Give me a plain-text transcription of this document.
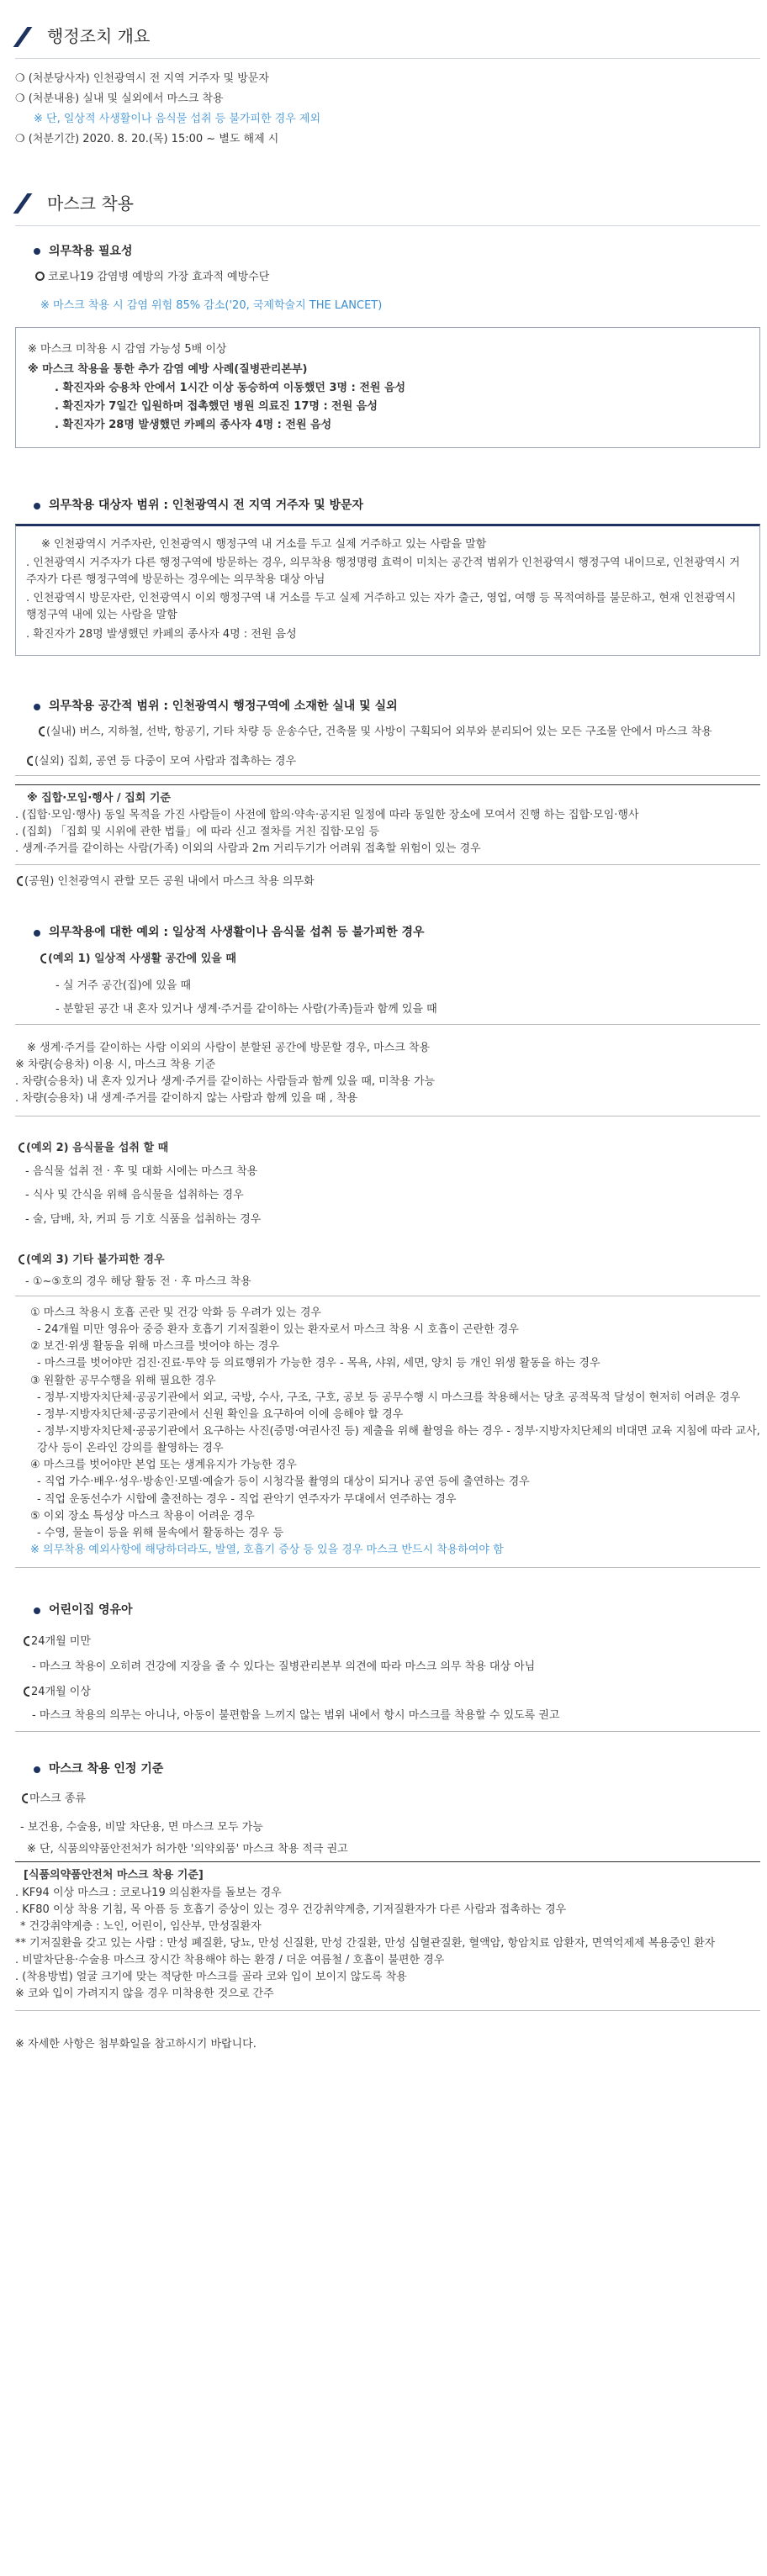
행정조치 개요

❍ (처분당사자) 인천광역시 전 지역 거주자 및 방문자

❍ (처분내용) 실내 및 실외에서 마스크 착용

※ 단, 일상적 사생활이나 음식물 섭취 등 불가피한 경우 제외

❍ (처분기간) 2020. 8. 20.(목) 15:00 ~ 별도 해제 시

마스크 착용
의무착용 필요성

코로나19 감염병 예방의 가장 효과적 예방수단

※ 마스크 착용 시 감염 위험 85% 감소('20, 국제학술지 THE LANCET)

※ 마스크 미착용 시 감염 가능성 5배 이상

※ 마스크 착용을 통한 추가 감염 예방 사례(질병관리본부)

. 확진자와 승용차 안에서 1시간 이상 동승하여 이동했던 3명 : 전원 음성

. 확진자가 7일간 입원하며 접촉했던 병원 의료진 17명 : 전원 음성

. 확진자가 28명 발생했던 카페의 종사자 4명 : 전원 음성

의무착용 대상자 범위 : 인천광역시 전 지역 거주자 및 방문자

※ 인천광역시 거주자란, 인천광역시 행정구역 내 거소를 두고 실제 거주하고 있는 사람을 말함

. 인천광역시 거주자가 다른 행정구역에 방문하는 경우, 의무착용 행정명령 효력이 미치는 공간적 범위가 인천광역시 행정구역 내이므로, 인천광역시 거주자가 다른 행정구역에 방문하는 경우에는 의무착용 대상 아님

. 인천광역시 방문자란, 인천광역시 이외 행정구역 내 거소를 두고 실제 거주하고 있는 자가 출근, 영업, 여행 등 목적여하를 불문하고, 현재 인천광역시 행정구역 내에 있는 사람을 말함

. 확진자가 28명 발생했던 카페의 종사자 4명 : 전원 음성

의무착용 공간적 범위 : 인천광역시 행정구역에 소재한 실내 및 실외

(실내) 버스, 지하철, 선박, 항공기, 기타 차량 등 운송수단, 건축물 및 사방이 구획되어 외부와 분리되어 있는 모든 구조물 안에서 마스크 착용

(실외) 집회, 공연 등 다중이 모여 사람과 접촉하는 경우

※ 집합·모임·행사 / 집회 기준

. (집합·모임·행사) 동일 목적을 가진 사람들이 사전에 합의·약속·공지된 일정에 따라 동일한 장소에 모여서 진행 하는 집합·모임·행사

. (집회) 「집회 및 시위에 관한 법률」에 따라 신고 절차를 거친 집합·모임 등

. 생계·주거를 같이하는 사람(가족) 이외의 사람과 2m 거리두기가 어려워 접촉할 위험이 있는 경우

(공원) 인천광역시 관할 모든 공원 내에서 마스크 착용 의무화

의무착용에 대한 예외 : 일상적 사생활이나 음식물 섭취 등 불가피한 경우

(예외 1) 일상적 사생활 공간에 있을 때

- 실 거주 공간(집)에 있을 때

- 분할된 공간 내 혼자 있거나 생계·주거를 같이하는 사람(가족)들과 함께 있을 때

※ 생계·주거를 같이하는 사람 이외의 사람이 분할된 공간에 방문할 경우, 마스크 착용

※ 차량(승용차) 이용 시, 마스크 착용 기준

. 차량(승용차) 내 혼자 있거나 생계·주거를 같이하는 사람들과 함께 있을 때, 미착용 가능

. 차량(승용차) 내 생계·주거를 같이하지 않는 사람과 함께 있을 때 , 착용

(예외 2) 음식물을 섭취 할 때

- 음식물 섭취 전 · 후 및 대화 시에는 마스크 착용

- 식사 및 간식을 위해 음식물을 섭취하는 경우

- 술, 담배, 차, 커피 등 기호 식품을 섭취하는 경우

(예외 3) 기타 불가피한 경우

- ①~⑤호의 경우 해당 활동 전 · 후 마스크 착용

① 마스크 착용시 호흡 곤란 및 건강 악화 등 우려가 있는 경우

- 24개월 미만 영유아 중증 환자 호흡기 기저질환이 있는 환자로서 마스크 착용 시 호흡이 곤란한 경우

② 보건·위생 활동을 위해 마스크를 벗어야 하는 경우

- 마스크를 벗어야만 검진·진료·투약 등 의료행위가 가능한 경우 - 목욕, 샤워, 세면, 양치 등 개인 위생 활동을 하는 경우

③ 원활한 공무수행을 위해 필요한 경우

- 정부·지방자치단체·공공기관에서 외교, 국방, 수사, 구조, 구호, 공보 등 공무수행 시 마스크를 착용해서는 당초 공적목적 달성이 현저히 어려운 경우

- 정부·지방자치단체·공공기관에서 신원 확인을 요구하여 이에 응해야 할 경우

- 정부·지방자치단체·공공기관에서 요구하는 사진(증명·여권사진 등) 제출을 위해 촬영을 하는 경우 - 정부·지방자치단체의 비대면 교육 지침에 따라 교사, 강사 등이 온라인 강의를 촬영하는 경우

④ 마스크를 벗어야만 본업 또는 생계유지가 가능한 경우

- 직업 가수·배우·성우·방송인·모델·예술가 등이 시청각물 촬영의 대상이 되거나 공연 등에 출연하는 경우

- 직업 운동선수가 시합에 출전하는 경우 - 직업 관악기 연주자가 무대에서 연주하는 경우

⑤ 이외 장소 특성상 마스크 착용이 어려운 경우

- 수영, 물놀이 등을 위해 물속에서 활동하는 경우 등

※ 의무착용 예외사항에 해당하더라도, 발열, 호흡기 증상 등 있을 경우 마스크 반드시 착용하여야 함

어린이집 영유아

24개월 미만

- 마스크 착용이 오히려 건강에 지장을 줄 수 있다는 질병관리본부 의견에 따라 마스크 의무 착용 대상 아님

24개월 이상

- 마스크 착용의 의무는 아니나, 아동이 불편함을 느끼지 않는 범위 내에서 항시 마스크를 착용할 수 있도록 권고

마스크 착용 인정 기준

마스크 종류

- 보건용, 수술용, 비말 차단용, 면 마스크 모두 가능

※ 단, 식품의약품안전처가 허가한 '의약외품' 마스크 착용 적극 권고

[식품의약품안전처 마스크 착용 기준]

. KF94 이상 마스크 : 코로나19 의심환자를 돌보는 경우

. KF80 이상 착용 기침, 목 아픔 등 호흡기 증상이 있는 경우 건강취약계층, 기저질환자가 다른 사람과 접촉하는 경우

* 건강취약계층 : 노인, 어린이, 임산부, 만성질환자

** 기저질환을 갖고 있는 사람 : 만성 폐질환, 당뇨, 만성 신질환, 만성 간질환, 만성 심혈관질환, 혈액암, 항암치료 암환자, 면역억제제 복용중인 환자

. 비말차단용·수술용 마스크 장시간 착용해야 하는 환경 / 더운 여름철 / 호흡이 불편한 경우

. (착용방법) 얼굴 크기에 맞는 적당한 마스크를 골라 코와 입이 보이지 않도록 착용

※ 코와 입이 가려지지 않을 경우 미착용한 것으로 간주

※ 자세한 사항은 첨부화일을 참고하시기 바랍니다.
